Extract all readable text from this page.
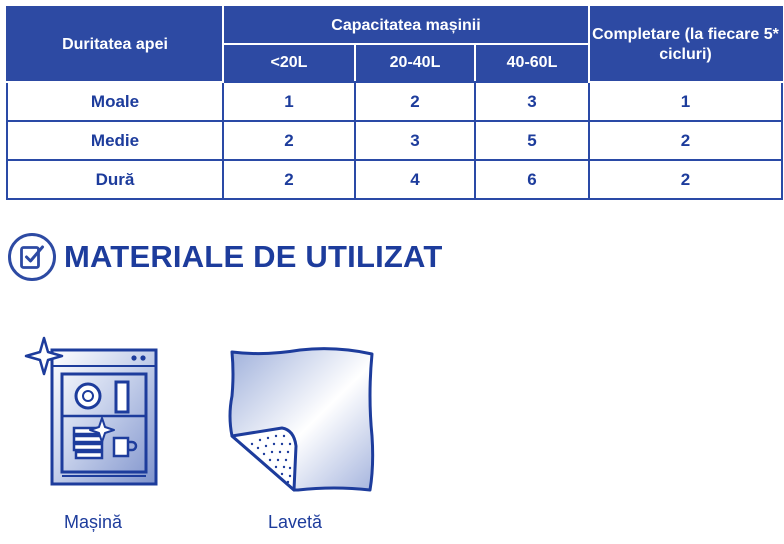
Duritatea apei	Capacitatea mașinii			Completare (la fiecare 5* cicluri)
	<20L	20-40L	40-60L	
Moale	1	2	3	1
Medie	2	3	5	2
Dură	2	4	6	2
MATERIALE DE UTILIZAT
Mașină	Lavetă
